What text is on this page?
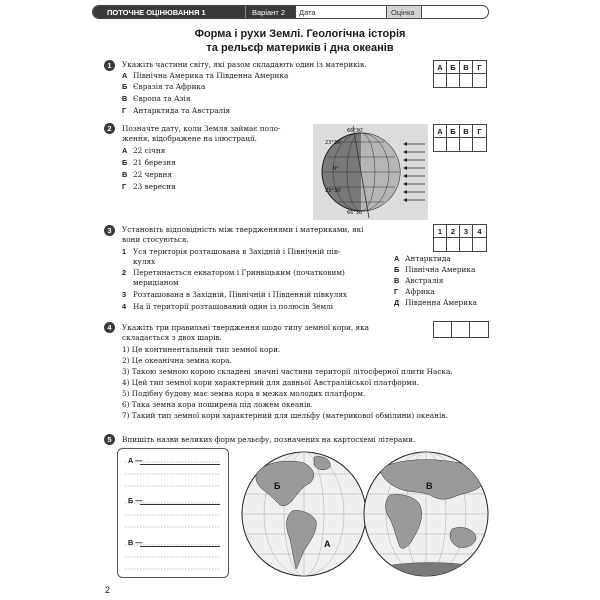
ПОТОЧНЕ ОЦІНЮВАННЯ 1	Варіант 2	Дата	Оцінка
Форма і рухи Землі. Геологічна історія
та рельєф материків і дна океанів
1	Укажіть частини світу, які разом складають один із материків.
А Північна Америка та Південна Америка
Б Євразія та Африка
В Європа та Азія
Г Антарктида та Австралія
А	Б	В	Г
2	Позначте дату, коли Земля займає поло-
ження, відображене на ілюстрації.
А 22 січня
Б 21 березня
В 22 червня
Г 23 вересня
66°30'
23°30'
0°
23°30'
66°30'
А	Б	В	Г
3	Установіть відповідність між твердженнями і материками, які
вони стосуються.
1 Уся територія розташована в Західній і Північній пів-
кулях
2 Перетинається екватором і Гринвіцьким (початковим)
меридіаном
3 Розташована в Західній, Північній і Південній півкулях
4 На її території розташований один із полюсів Землі
А Антарктида
Б Північна Америка
В Австралія
Г Африка
Д Південна Америка
1	2	3	4
4	Укажіть три правильні твердження щодо типу земної кори, яка
складається з двох шарів.
1) Це континентальний тип земної кори.
2) Це океанічна земна кора.
3) Такою земною корою складені значні частини території літосферної плити Наска.
4) Цей тип земної кори характерний для давньої Австралійської платформи.
5) Подібну будову має земна кора в межах молодих платформ.
6) Така земна кора поширена під ложем океанів.
7) Такий тип земної кори характерний для шельфу (материкової обмілини) океанів.
5	Впишіть назви великих форм рельєфу, позначених на картосхемі літерами.
А —
Б —
В —
Б	В
А
2
